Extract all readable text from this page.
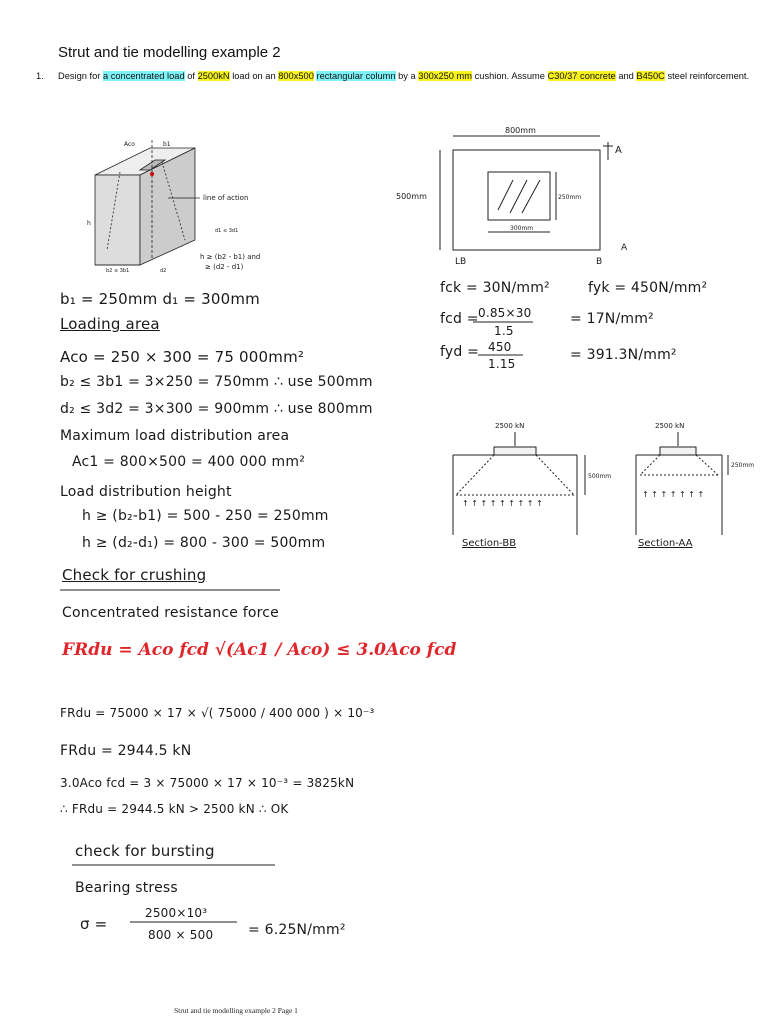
Strut and tie modelling example 2
1. Design for a concentrated load of 2500kN load on an 800x500 rectangular column by a 300x250 mm cushion. Assume C30/37 concrete and B450C steel reinforcement.
Aco	b1
line of action
d1 ≤ 3d1
h
h ≥ (b2 - b1) and
≥ (d2 - d1)
b2 ≤ 3b1	d2
800mm
500mm	250mm
300mm
A
LB	B
A
2500 kN
500mm
↑ ↑ ↑ ↑ ↑ ↑ ↑ ↑ ↑
Section-BB
2500 kN
250mm
↑ ↑ ↑ ↑ ↑ ↑ ↑
Section-AA
b₁ = 250mm d₁ = 300mm
Loading area
Aco = 250 × 300 = 75 000mm²
b₂ ≤ 3b1 = 3×250 = 750mm ∴ use 500mm
d₂ ≤ 3d2 = 3×300 = 900mm ∴ use 800mm
Maximum load distribution area
Ac1 = 800×500 = 400 000 mm²
Load distribution height
h ≥ (b₂-b1) = 500 - 250 = 250mm
h ≥ (d₂-d₁) = 800 - 300 = 500mm
Check for crushing
Concentrated resistance force
FRdu = Aco fcd √(Ac1 / Aco) ≤ 3.0Aco fcd
FRdu = 75000 × 17 × √( 75000 / 400 000 ) × 10⁻³
FRdu = 2944.5 kN
3.0Aco fcd = 3 × 75000 × 17 × 10⁻³ = 3825kN
∴ FRdu = 2944.5 kN > 2500 kN ∴ OK
check for bursting
Bearing stress
σ =
2500×10³
800 × 500 = 6.25N/mm²
fck = 30N/mm²	fyk = 450N/mm²
fcd = 0.85×30
1.5
= 17N/mm²
fyd = 450
1.15
= 391.3N/mm²
Strut and tie modelling example 2 Page 1
